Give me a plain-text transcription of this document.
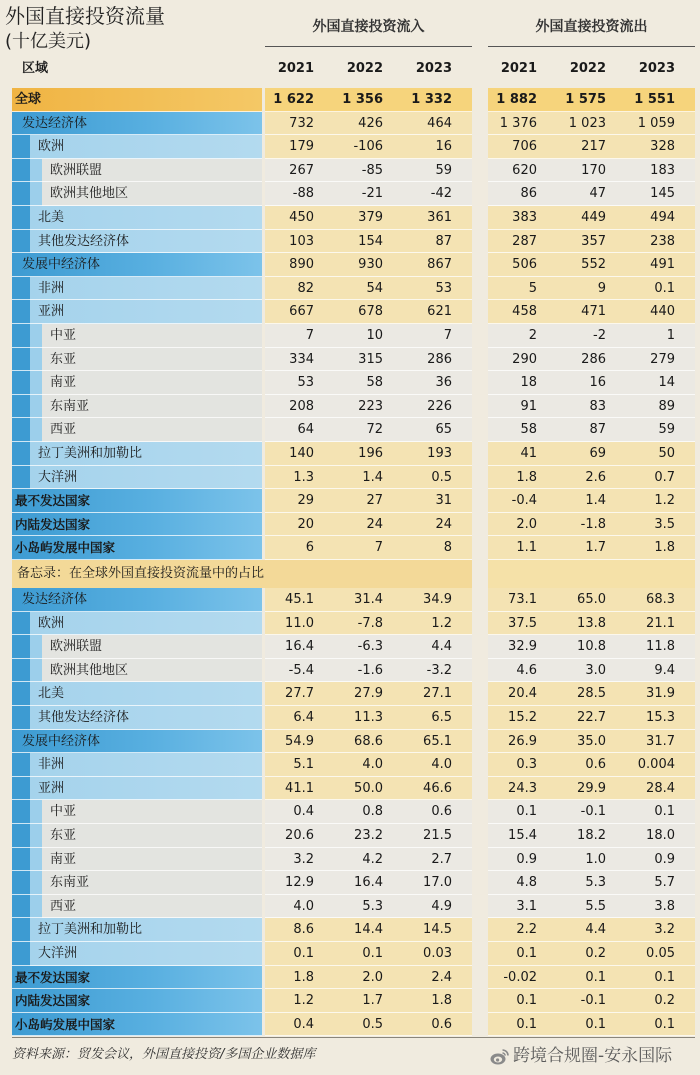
外国直接投资流量
(十亿美元)
外国直接投资流入	外国直接投资流出
区域	2021	2022	2023	2021	2022	2023
全球	1 622	1 356	1 332	1 882	1 575	1 551
发达经济体	732	426	464	1 376	1 023	1 059
欧洲	179	-106	16	706	217	328
欧洲联盟	267	-85	59	620	170	183
欧洲其他地区	-88	-21	-42	86	47	145
北美	450	379	361	383	449	494
其他发达经济体	103	154	87	287	357	238
发展中经济体	890	930	867	506	552	491
非洲	82	54	53	5	9	0.1
亚洲	667	678	621	458	471	440
中亚	7	10	7	2	-2	1
东亚	334	315	286	290	286	279
南亚	53	58	36	18	16	14
东南亚	208	223	226	91	83	89
西亚	64	72	65	58	87	59
拉丁美洲和加勒比	140	196	193	41	69	50
大洋洲	1.3	1.4	0.5	1.8	2.6	0.7
最不发达国家	29	27	31	-0.4	1.4	1.2
内陆发达国家	20	24	24	2.0	-1.8	3.5
小岛屿发展中国家	6	7	8	1.1	1.7	1.8
备忘录：在全球外国直接投资流量中的占比
发达经济体	45.1	31.4	34.9	73.1	65.0	68.3
欧洲	11.0	-7.8	1.2	37.5	13.8	21.1
欧洲联盟	16.4	-6.3	4.4	32.9	10.8	11.8
欧洲其他地区	-5.4	-1.6	-3.2	4.6	3.0	9.4
北美	27.7	27.9	27.1	20.4	28.5	31.9
其他发达经济体	6.4	11.3	6.5	15.2	22.7	15.3
发展中经济体	54.9	68.6	65.1	26.9	35.0	31.7
非洲	5.1	4.0	4.0	0.3	0.6	0.004
亚洲	41.1	50.0	46.6	24.3	29.9	28.4
中亚	0.4	0.8	0.6	0.1	-0.1	0.1
东亚	20.6	23.2	21.5	15.4	18.2	18.0
南亚	3.2	4.2	2.7	0.9	1.0	0.9
东南亚	12.9	16.4	17.0	4.8	5.3	5.7
西亚	4.0	5.3	4.9	3.1	5.5	3.8
拉丁美洲和加勒比	8.6	14.4	14.5	2.2	4.4	3.2
大洋洲	0.1	0.1	0.03	0.1	0.2	0.05
最不发达国家	1.8	2.0	2.4	-0.02	0.1	0.1
内陆发达国家	1.2	1.7	1.8	0.1	-0.1	0.2
小岛屿发展中国家	0.4	0.5	0.6	0.1	0.1	0.1
资料来源：贸发会议，外国直接投资/多国企业数据库	跨境合规圈-安永国际
